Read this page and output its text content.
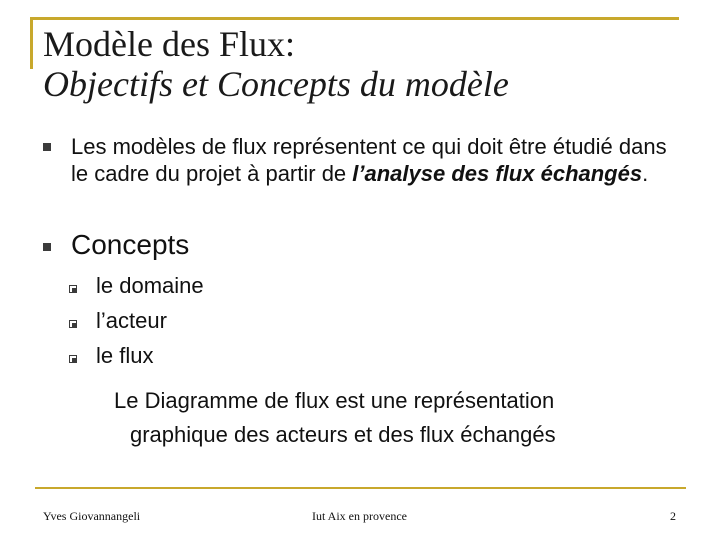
Modèle des Flux:
Objectifs et Concepts du modèle
Les modèles de flux représentent ce qui doit être étudié dans le cadre du projet à partir de l’analyse des flux échangés.
Concepts
le domaine
l’acteur
le flux
Le Diagramme de flux est une représentation
graphique des acteurs et des flux échangés
Yves Giovannangeli	Iut Aix en provence	2
